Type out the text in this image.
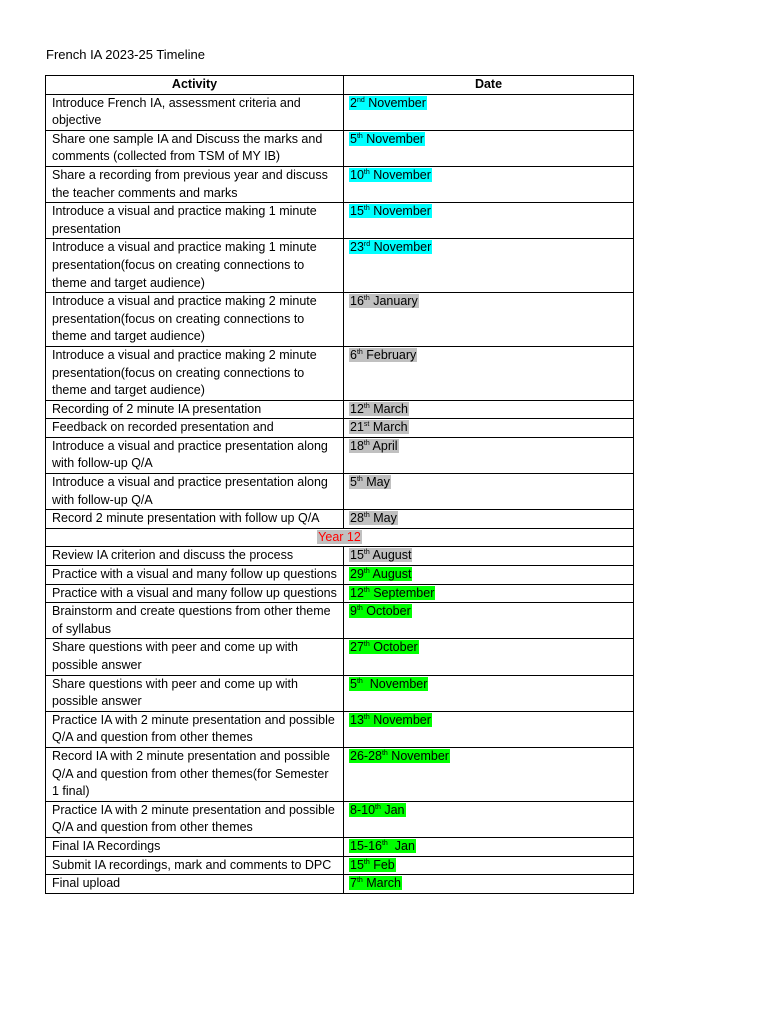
French IA 2023-25 Timeline
Activity	Date
Introduce French IA, assessment criteria and objective	2nd November
Share one sample IA and Discuss the marks and comments (collected from TSM of MY IB)	5th November
Share a recording from previous year and discuss the teacher comments and marks	10th November
Introduce a visual and practice making 1 minute presentation	15th November
Introduce a visual and practice making 1 minute presentation(focus on creating connections to theme and target audience)	23rd November
Introduce a visual and practice making 2 minute presentation(focus on creating connections to theme and target audience)	16th January
Introduce a visual and practice making 2 minute presentation(focus on creating connections to theme and target audience)	6th February
Recording of 2 minute IA presentation	12th March
Feedback on recorded presentation and	21st March
Introduce a visual and practice presentation along with follow-up Q/A	18th April
Introduce a visual and practice presentation along with follow-up Q/A	5th May
Record 2 minute presentation with follow up Q/A	28th May
Year 12	
Review IA criterion and discuss the process	15th August
Practice with a visual and many follow up questions	29th August
Practice with a visual and many follow up questions	12th September
Brainstorm and create questions from other theme of syllabus	9th October
Share questions with peer and come up with possible answer	27th October
Share questions with peer and come up with possible answer	5th  November
Practice IA with 2 minute presentation and possible Q/A and question from other themes	13th November
Record IA with 2 minute presentation and possible Q/A and question from other themes(for Semester 1 final)	26-28th November
Practice IA with 2 minute presentation and possible Q/A and question from other themes	8-10th Jan
Final IA Recordings	15-16th  Jan
Submit IA recordings, mark and comments to DPC	15th Feb
Final upload	7th March
